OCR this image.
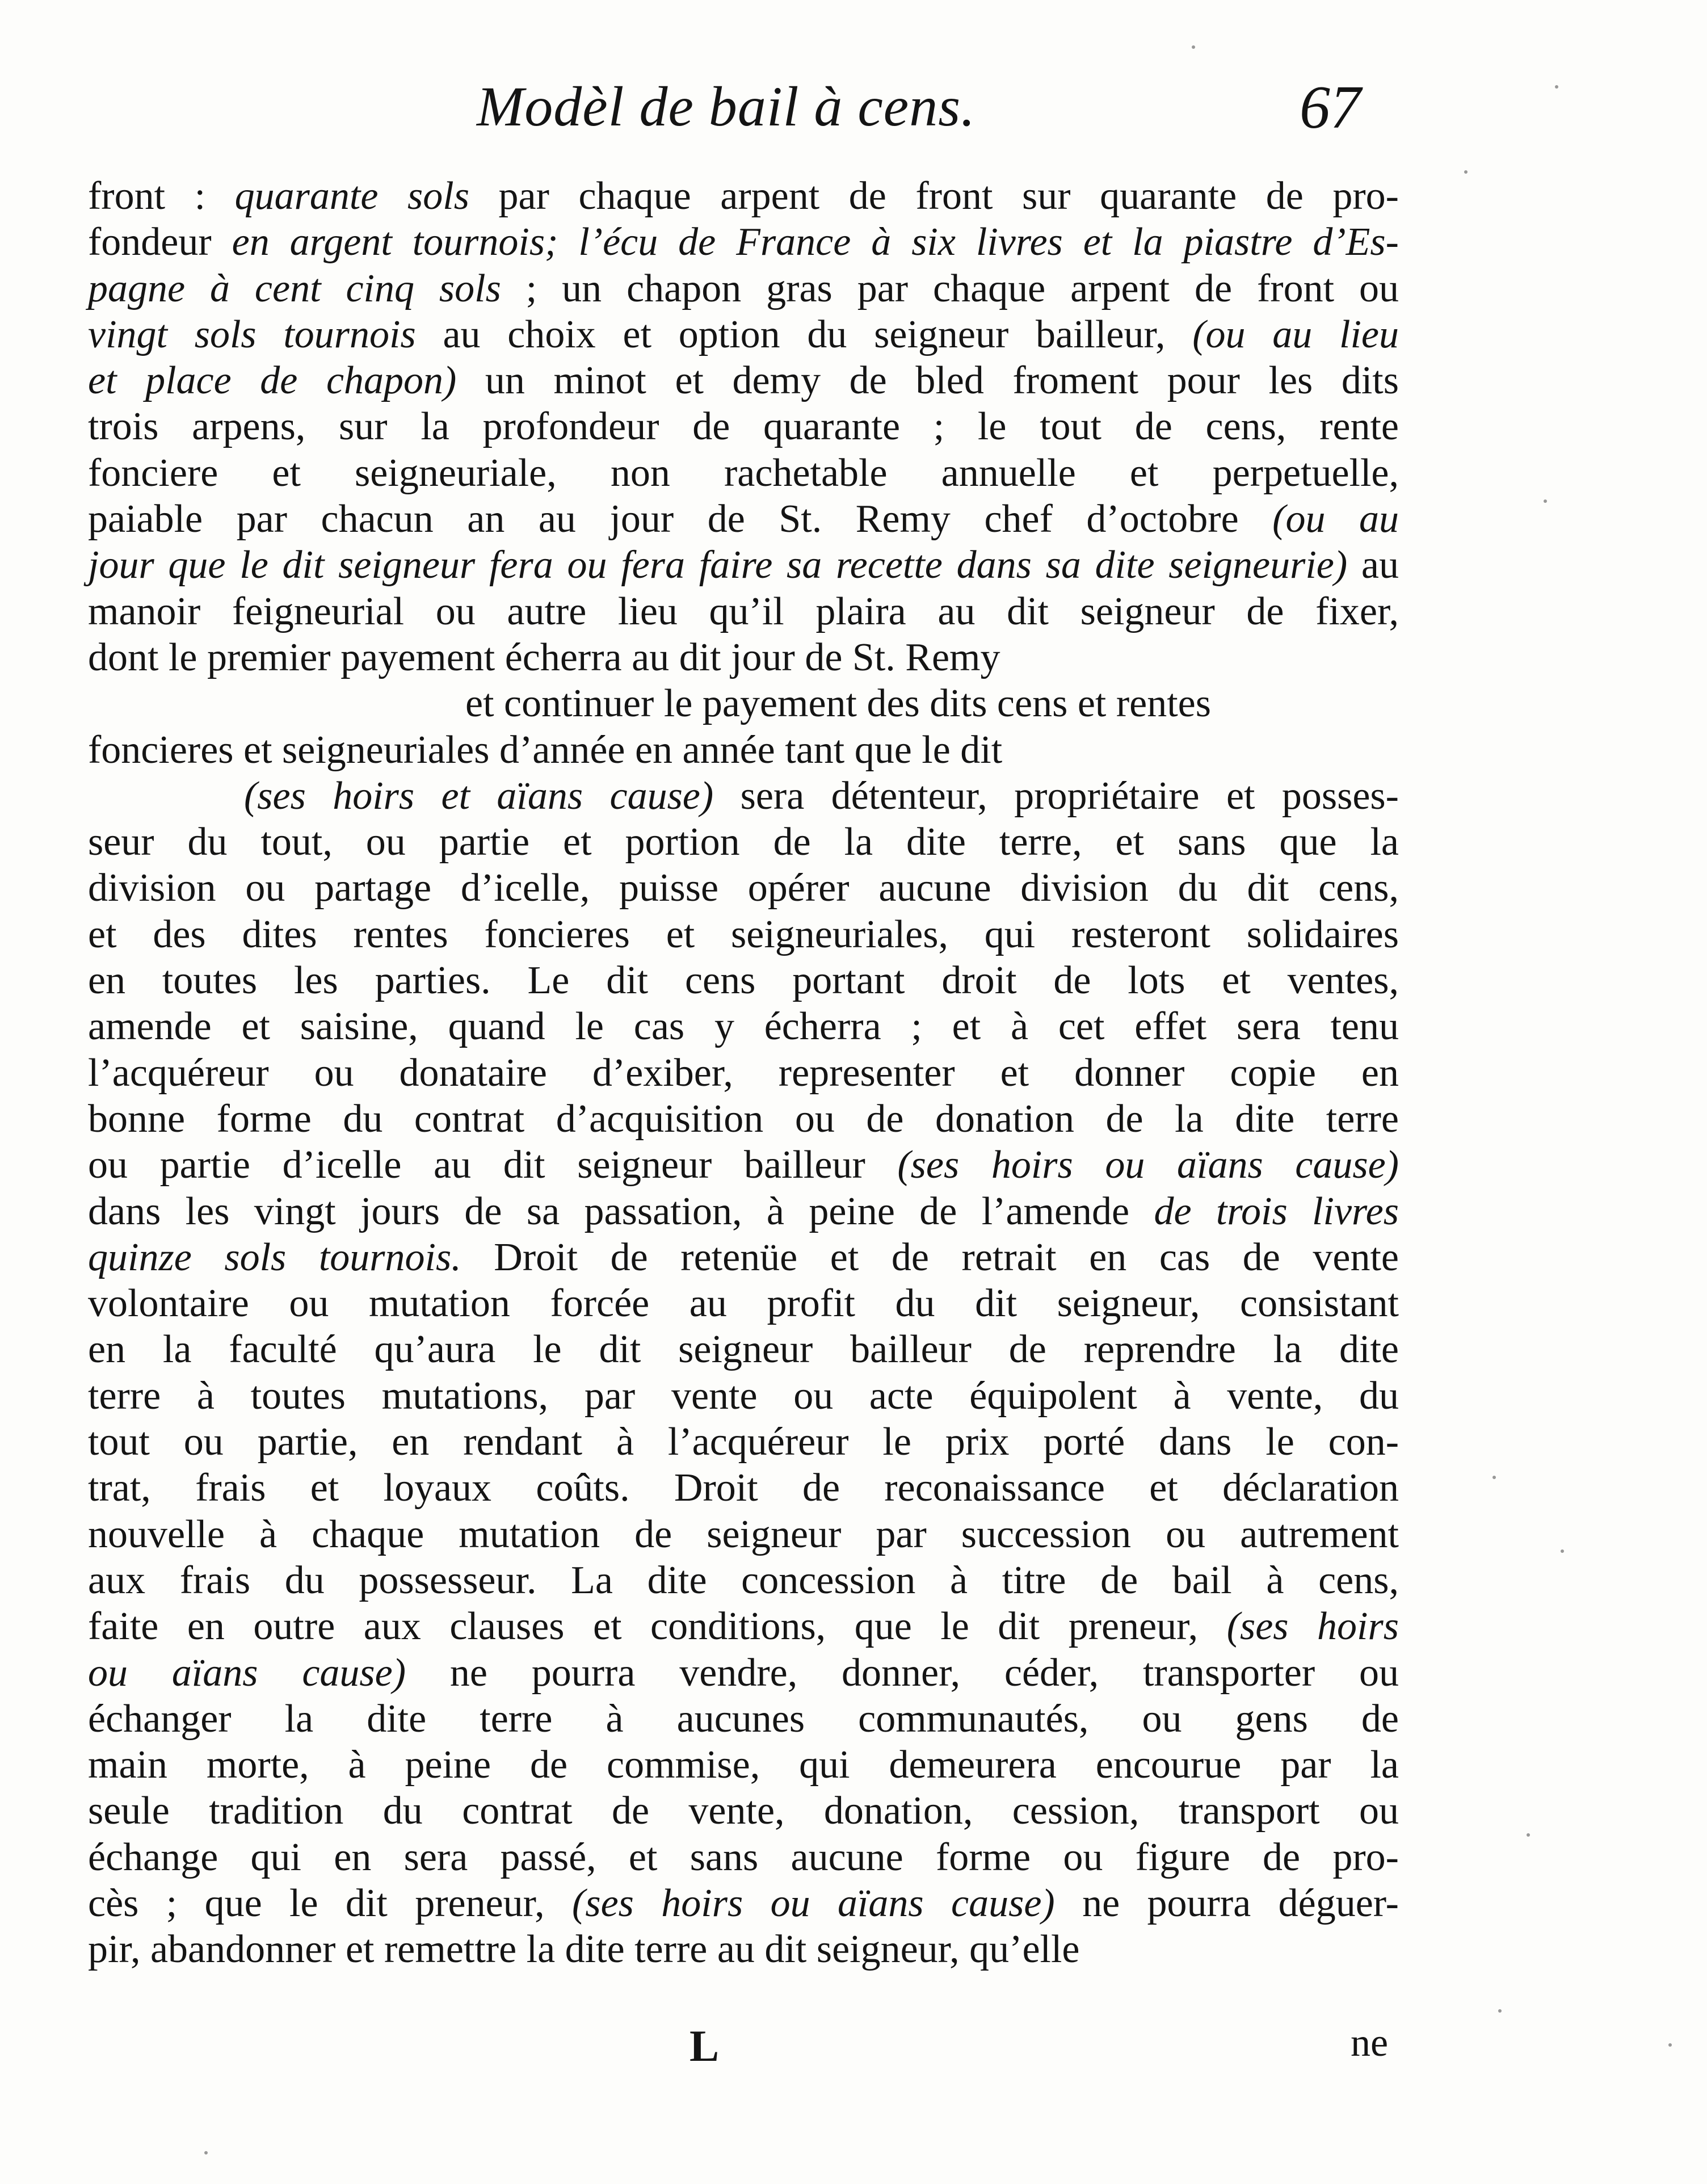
Modèl de bail à cens.	67
front : quarante sols par chaque arpent de front sur quarante de pro-
fondeur en argent tournois; l’écu de France à six livres et la piastre d’Es-
pagne à cent cinq sols ; un chapon gras par chaque arpent de front ou
vingt sols tournois au choix et option du seigneur bailleur, (ou au lieu
et place de chapon) un minot et demy de bled froment pour les dits
trois arpens, sur la profondeur de quarante ; le tout de cens, rente
fonciere et seigneuriale, non rachetable annuelle et perpetuelle,
paiable par chacun an au jour de St. Remy chef d’octobre (ou au
jour que le dit seigneur fera ou fera faire sa recette dans sa dite seigneurie) au
manoir feigneurial ou autre lieu qu’il plaira au dit seigneur de fixer,
dont le premier payement écherra au dit jour de St. Remy
et continuer le payement des dits cens et rentes
foncieres et seigneuriales d’année en année tant que le dit
(ses hoirs et aïans cause) sera détenteur, propriétaire et posses-
seur du tout, ou partie et portion de la dite terre, et sans que la
division ou partage d’icelle, puisse opérer aucune division du dit cens,
et des dites rentes foncieres et seigneuriales, qui resteront solidaires
en toutes les parties. Le dit cens portant droit de lots et ventes,
amende et saisine, quand le cas y écherra ; et à cet effet sera tenu
l’acquéreur ou donataire d’exiber, representer et donner copie en
bonne forme du contrat d’acquisition ou de donation de la dite terre
ou partie d’icelle au dit seigneur bailleur (ses hoirs ou aïans cause)
dans les vingt jours de sa passation, à peine de l’amende de trois livres
quinze sols tournois. Droit de retenüe et de retrait en cas de vente
volontaire ou mutation forcée au profit du dit seigneur, consistant
en la faculté qu’aura le dit seigneur bailleur de reprendre la dite
terre à toutes mutations, par vente ou acte équipolent à vente, du
tout ou partie, en rendant à l’acquéreur le prix porté dans le con-
trat, frais et loyaux coûts. Droit de reconaissance et déclaration
nouvelle à chaque mutation de seigneur par succession ou autrement
aux frais du possesseur. La dite concession à titre de bail à cens,
faite en outre aux clauses et conditions, que le dit preneur, (ses hoirs
ou aïans cause) ne pourra vendre, donner, céder, transporter ou
échanger la dite terre à aucunes communautés, ou gens de
main morte, à peine de commise, qui demeurera encourue par la
seule tradition du contrat de vente, donation, cession, transport ou
échange qui en sera passé, et sans aucune forme ou figure de pro-
cès ; que le dit preneur, (ses hoirs ou aïans cause) ne pourra déguer-
pir, abandonner et remettre la dite terre au dit seigneur, qu’elle
L	ne
